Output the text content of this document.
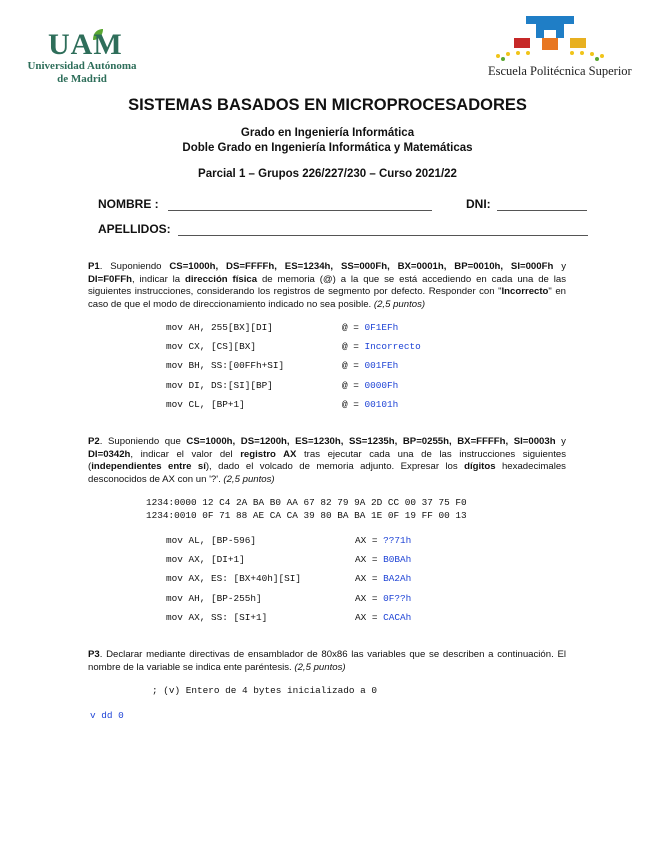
UAM
Universidad Autónoma
de Madrid
Escuela Politécnica Superior
SISTEMAS BASADOS EN MICROPROCESADORES
Grado en Ingeniería Informática
Doble Grado en Ingeniería Informática y Matemáticas
Parcial 1 – Grupos 226/227/230 – Curso 2021/22
NOMBRE :	DNI:
APELLIDOS:
P1. Suponiendo CS=1000h, DS=FFFFh, ES=1234h, SS=000Fh, BX=0001h, BP=0010h, SI=000Fh y DI=F0FFh, indicar la dirección física de memoria (@) a la que se está accediendo en cada una de las siguientes instrucciones, considerando los registros de segmento por defecto. Responder con "Incorrecto" en caso de que el modo de direccionamiento indicado no sea posible. (2,5 puntos)
mov AH, 255[BX][DI]	@ = 0F1EFh
mov CX, [CS][BX]	@ = Incorrecto
mov BH, SS:[00FFh+SI]	@ = 001FEh
mov DI, DS:[SI][BP]	@ = 0000Fh
mov CL, [BP+1]	@ = 00101h
P2. Suponiendo que CS=1000h, DS=1200h, ES=1230h, SS=1235h, BP=0255h, BX=FFFFh, SI=0003h y DI=0342h, indicar el valor del registro AX tras ejecutar cada una de las instrucciones siguientes (independientes entre sí), dado el volcado de memoria adjunto. Expresar los dígitos hexadecimales desconocidos de AX con un '?'. (2,5 puntos)
1234:0000 12 C4 2A BA B0 AA 67 82 79 9A 2D CC 00 37 75 F0
1234:0010 0F 71 88 AE CA CA 39 80 BA BA 1E 0F 19 FF 00 13
mov AL, [BP-596]	AX = ??71h
mov AX, [DI+1]	AX = B0BAh
mov AX, ES: [BX+40h][SI]	AX = BA2Ah
mov AH, [BP-255h]	AX = 0F??h
mov AX, SS: [SI+1]	AX = CACAh
P3. Declarar mediante directivas de ensamblador de 80x86 las variables que se describen a continuación. El nombre de la variable se indica ente paréntesis. (2,5 puntos)
; (v) Entero de 4 bytes inicializado a 0
v dd 0
